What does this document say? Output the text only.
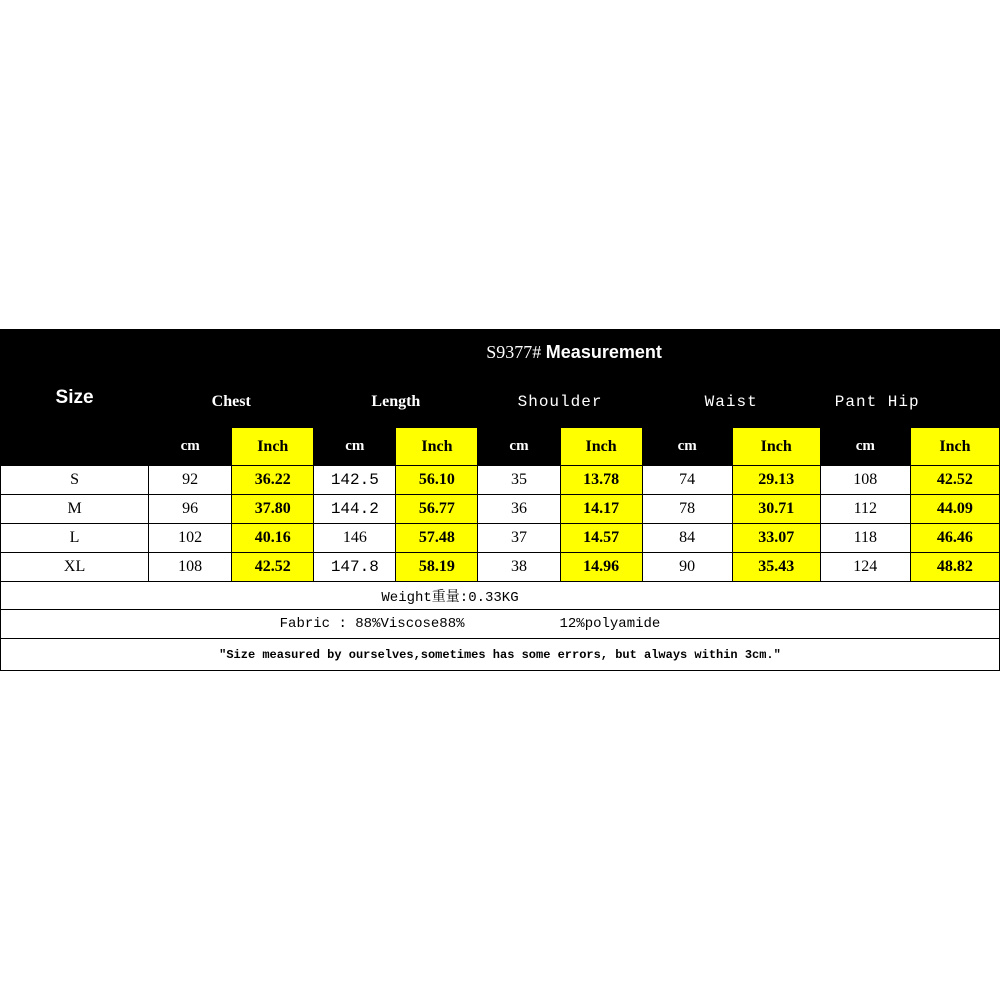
Size	S9377# Measurement									
	Chest		Length		Shoulder		Waist		Pant Hip	
	cm	Inch	cm	Inch	cm	Inch	cm	Inch	cm	Inch
S	92	36.22	142.5	56.10	35	13.78	74	29.13	108	42.52
M	96	37.80	144.2	56.77	36	14.17	78	30.71	112	44.09
L	102	40.16	146	57.48	37	14.57	84	33.07	118	46.46
XL	108	42.52	147.8	58.19	38	14.96	90	35.43	124	48.82
Weight重量:0.33KG										
Fabric : 88%Viscose88% 12%polyamide										
"Size measured by ourselves,sometimes has some errors, but always within 3cm."										
